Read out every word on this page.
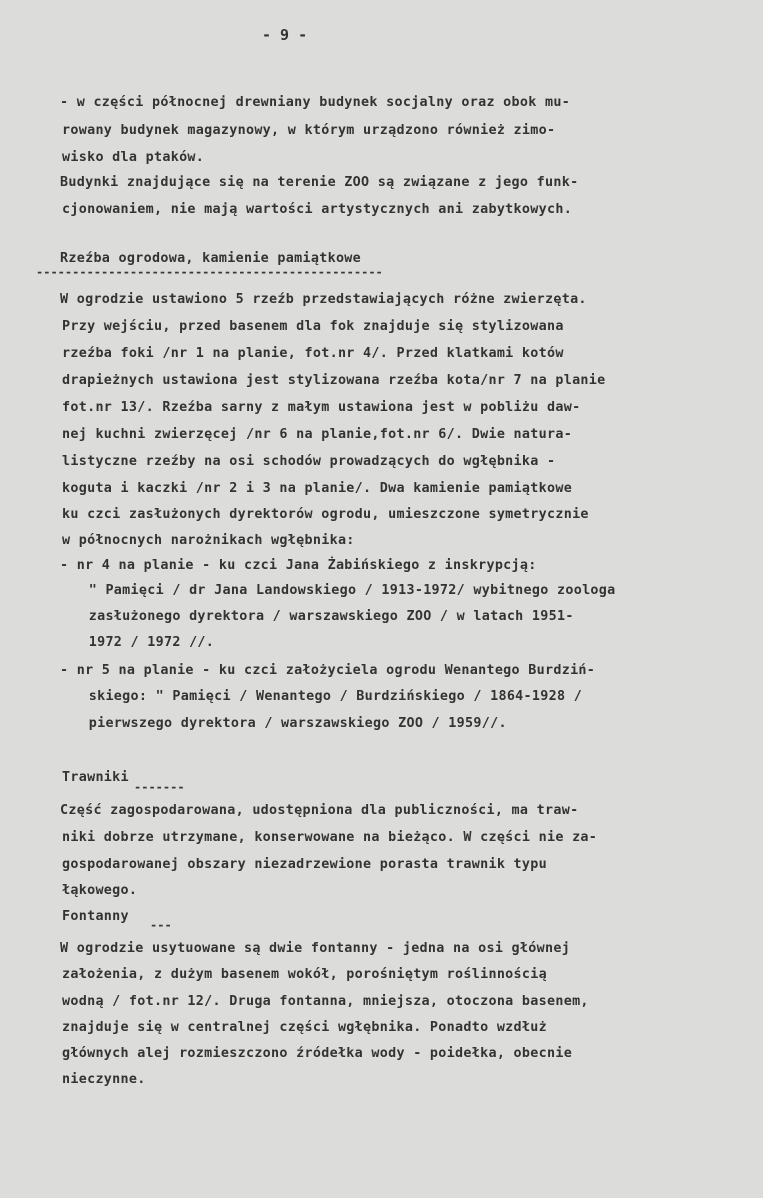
- 9 -
- w części północnej drewniany budynek socjalny oraz obok mu-
rowany budynek magazynowy, w którym urządzono również zimo-
wisko dla ptaków.
Budynki znajdujące się na terenie ZOO są związane z jego funk-
cjonowaniem, nie mają wartości artystycznych ani zabytkowych.
Rzeźba ogrodowa, kamienie pamiątkowe
------------------------------------------------
W ogrodzie ustawiono 5 rzeźb przedstawiających różne zwierzęta.
Przy wejściu, przed basenem dla fok znajduje się stylizowana
rzeźba foki /nr 1 na planie, fot.nr 4/. Przed klatkami kotów
drapieżnych ustawiona jest stylizowana rzeźba kota/nr 7 na planie
fot.nr 13/. Rzeźba sarny z małym ustawiona jest w pobliżu daw-
nej kuchni zwierzęcej /nr 6 na planie,fot.nr 6/. Dwie natura-
listyczne rzeźby na osi schodów prowadzących do wgłębnika -
koguta i kaczki /nr 2 i 3 na planie/. Dwa kamienie pamiątkowe
ku czci zasłużonych dyrektorów ogrodu, umieszczone symetrycznie
w północnych narożnikach wgłębnika:
- nr 4 na planie - ku czci Jana Żabińskiego z inskrypcją:
" Pamięci / dr Jana Landowskiego / 1913-1972/ wybitnego zoologa
zasłużonego dyrektora / warszawskiego ZOO / w latach 1951-
1972 / 1972 //.
- nr 5 na planie - ku czci założyciela ogrodu Wenantego Burdziń-
skiego: " Pamięci / Wenantego / Burdzińskiego / 1864-1928 /
pierwszego dyrektora / warszawskiego ZOO / 1959//.
Trawniki
-------
Część zagospodarowana, udostępniona dla publiczności, ma traw-
niki dobrze utrzymane, konserwowane na bieżąco. W części nie za-
gospodarowanej obszary niezadrzewione porasta trawnik typu
łąkowego.
Fontanny
---
W ogrodzie usytuowane są dwie fontanny - jedna na osi głównej
założenia, z dużym basenem wokół, porośniętym roślinnością
wodną / fot.nr 12/. Druga fontanna, mniejsza, otoczona basenem,
znajduje się w centralnej części wgłębnika. Ponadto wzdłuż
głównych alej rozmieszczono źródełka wody - poidełka, obecnie
nieczynne.
